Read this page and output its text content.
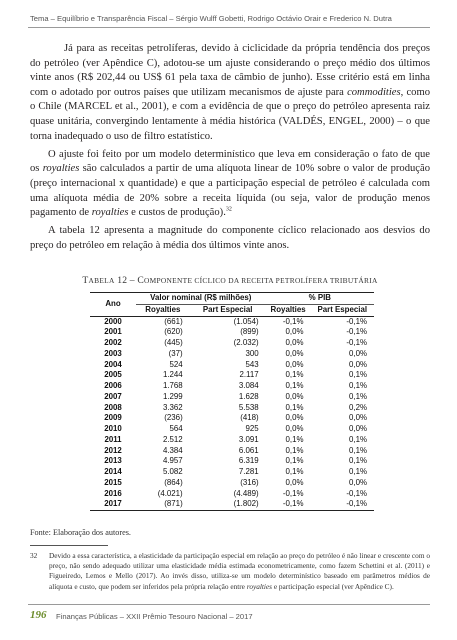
Tema – Equilíbrio e Transparência Fiscal – Sérgio Wulff Gobetti, Rodrigo Octávio Orair e Frederico N. Dutra

Já para as receitas petrolíferas, devido à ciclicidade da própria tendência dos preços do petróleo (ver Apêndice C), adotou-se um ajuste considerando o preço médio dos últimos vinte anos (R$ 202,44 ou US$ 61 pela taxa de câmbio de junho). Esse critério está em linha com o adotado por outros países que utilizam mecanismos de ajuste para commodities, como o Chile (MARCEL et al., 2001), e com a evidência de que o preço do petróleo apresenta raiz quase unitária, convergindo lentamente à média histórica (VALDÉS, ENGEL, 2000) – o que torna inadequado o uso de filtro estatístico.

O ajuste foi feito por um modelo determinístico que leva em consideração o fato de que os royalties são calculados a partir de uma alíquota linear de 10% sobre o valor de produção (preço internacional x quantidade) e que a participação especial de petróleo é calculada com uma alíquota média de 20% sobre a receita líquida (ou seja, valor de produção menos pagamento de royalties e custos de produção).$^{32}$

A tabela 12 apresenta a magnitude do componente cíclico relacionado aos desvios do preço do petróleo em relação à média dos últimos vinte anos.

TABELA 12 – COMPONENTE CÍCLICO DA RECEITA PETROLÍFERA TRIBUTÁRIA
Ano	Valor nominal (R$ milhões)		% PIB	
	Royalties	Part Especial	Royalties	Part Especial
2000	(661)	(1.054)	-0,1%	-0,1%
2001	(620)	(899)	0,0%	-0,1%
2002	(445)	(2.032)	0,0%	-0,1%
2003	(37)	300	0,0%	0,0%
2004	524	543	0,0%	0,0%
2005	1.244	2.117	0,1%	0,1%
2006	1.768	3.084	0,1%	0,1%
2007	1.299	1.628	0,0%	0,1%
2008	3.362	5.538	0,1%	0,2%
2009	(236)	(418)	0,0%	0,0%
2010	564	925	0,0%	0,0%
2011	2.512	3.091	0,1%	0,1%
2012	4.384	6.061	0,1%	0,1%
2013	4.957	6.319	0,1%	0,1%
2014	5.082	7.281	0,1%	0,1%
2015	(864)	(316)	0,0%	0,0%
2016	(4.021)	(4.489)	-0,1%	-0,1%
2017	(871)	(1.802)	-0,1%	-0,1%
Fonte: Elaboração dos autores.
32 Devido a essa característica, a elasticidade da participação especial em relação ao preço do petróleo é não linear e crescente com o preço, não sendo adequado utilizar uma elasticidade média estimada econometricamente, como fazem Schettini et al. (2011) e Figueiredo, Lemos e Mello (2017). Ao invés disso, utiliza-se um modelo determinístico baseado em parâmetros médios de alíquota e custo, que podem ser inferidos pela própria relação entre royalties e participação especial (ver Apêndice C).
196 Finanças Públicas – XXII Prêmio Tesouro Nacional – 2017
